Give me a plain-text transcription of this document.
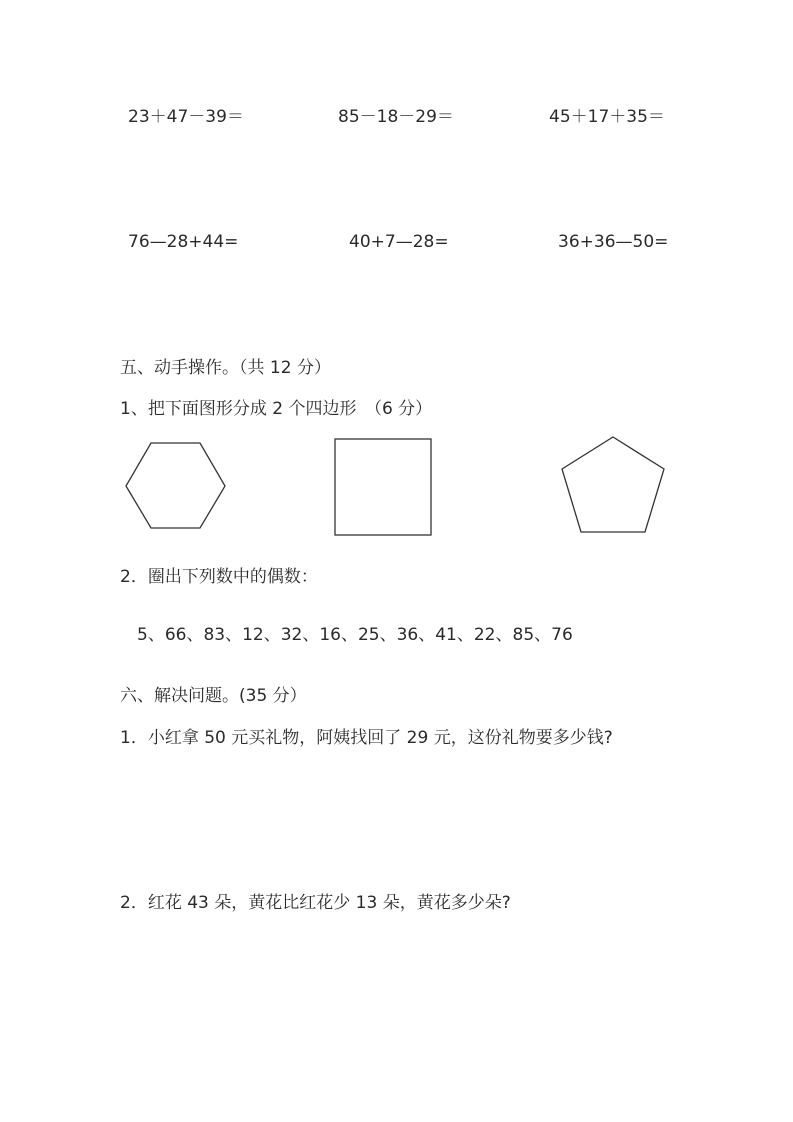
23＋47－39＝	85－18－29＝	45＋17＋35＝
76—28+44=	40+7—28=	36+36—50=
五、动手操作。（共 12 分）
1、把下面图形分成 2 个四边形　（6 分）
2．圈出下列数中的偶数：
5、66、83、12、32、16、25、36、41、22、85、76
六、解决问题。(35 分）
1．小红拿 50 元买礼物，阿姨找回了 29 元，这份礼物要多少钱?
2．红花 43 朵，黄花比红花少 13 朵，黄花多少朵?
